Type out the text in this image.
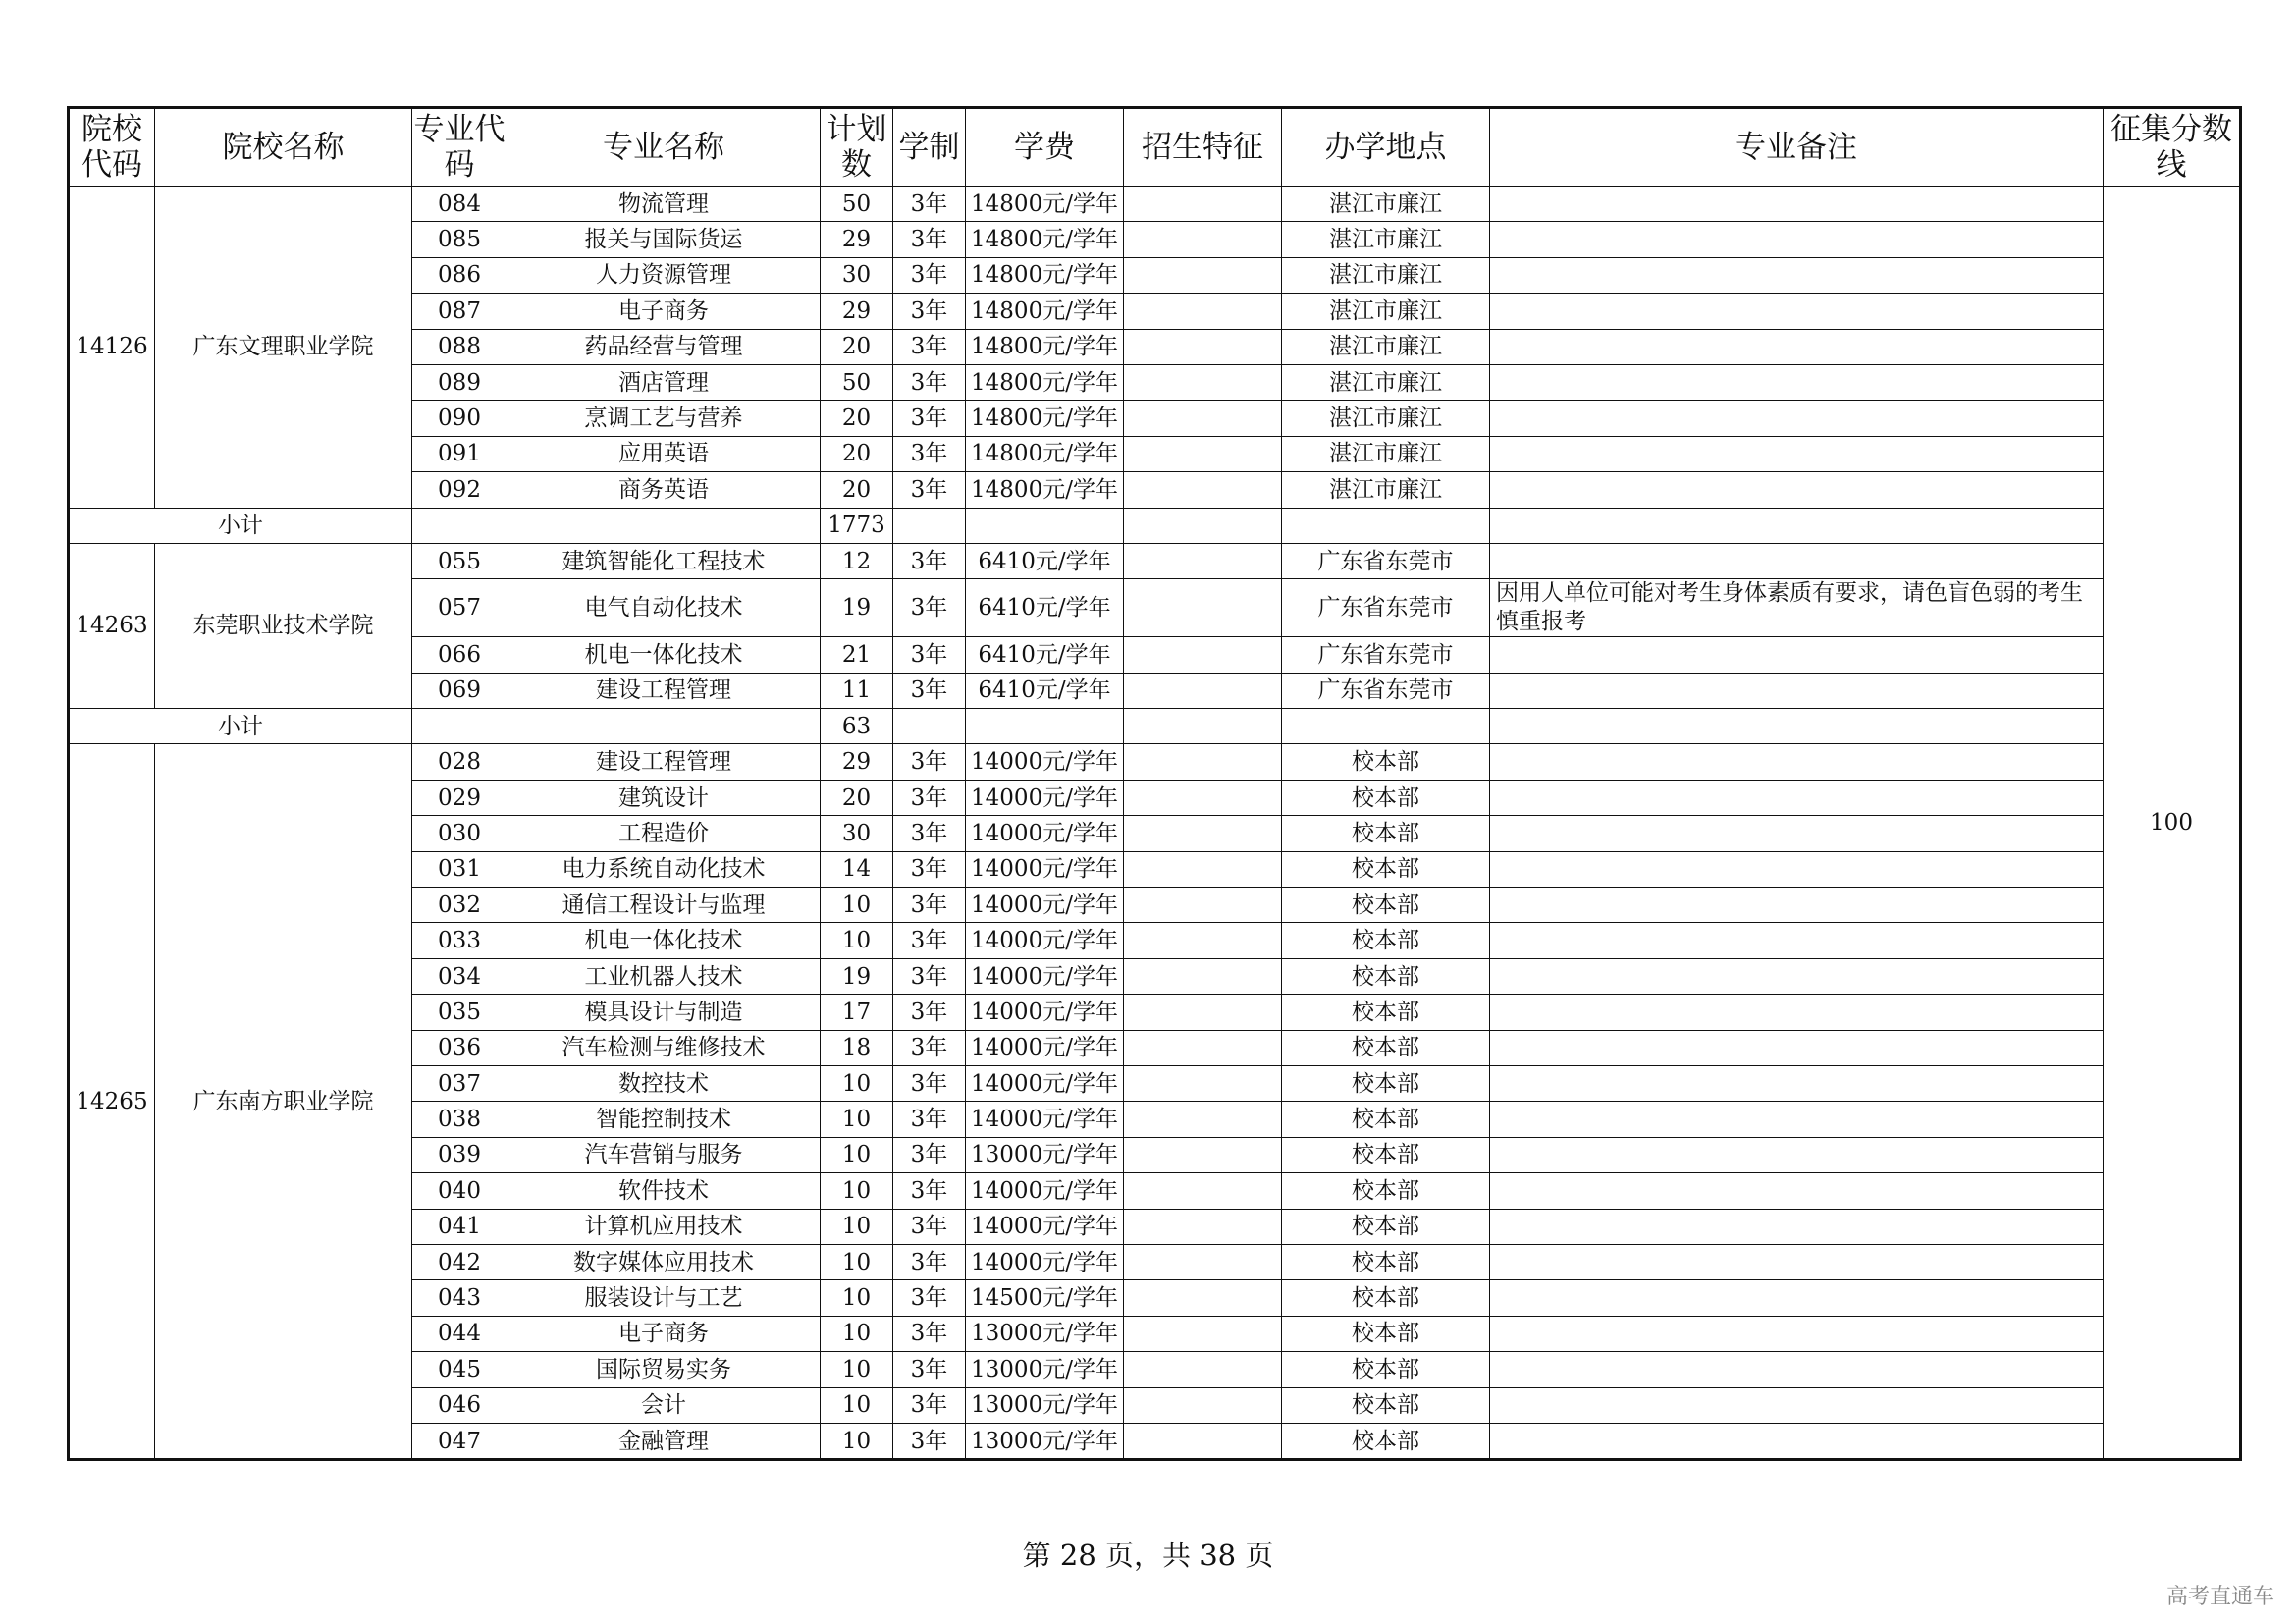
院校代码	院校名称	专业代码	专业名称	计划数	学制	学费	招生特征	办学地点	专业备注	征集分数线
14126	广东文理职业学院	084	物流管理	50	3年	14800元/学年		湛江市廉江		100
		085	报关与国际货运	29	3年	14800元/学年		湛江市廉江		
		086	人力资源管理	30	3年	14800元/学年		湛江市廉江		
		087	电子商务	29	3年	14800元/学年		湛江市廉江		
		088	药品经营与管理	20	3年	14800元/学年		湛江市廉江		
		089	酒店管理	50	3年	14800元/学年		湛江市廉江		
		090	烹调工艺与营养	20	3年	14800元/学年		湛江市廉江		
		091	应用英语	20	3年	14800元/学年		湛江市廉江		
		092	商务英语	20	3年	14800元/学年		湛江市廉江		
小计				1773						
14263	东莞职业技术学院	055	建筑智能化工程技术	12	3年	6410元/学年		广东省东莞市		
		057	电气自动化技术	19	3年	6410元/学年		广东省东莞市	因用人单位可能对考生身体素质有要求，请色盲色弱的考生慎重报考	
		066	机电一体化技术	21	3年	6410元/学年		广东省东莞市		
		069	建设工程管理	11	3年	6410元/学年		广东省东莞市		
小计				63						
14265	广东南方职业学院	028	建设工程管理	29	3年	14000元/学年		校本部		
		029	建筑设计	20	3年	14000元/学年		校本部		
		030	工程造价	30	3年	14000元/学年		校本部		
		031	电力系统自动化技术	14	3年	14000元/学年		校本部		
		032	通信工程设计与监理	10	3年	14000元/学年		校本部		
		033	机电一体化技术	10	3年	14000元/学年		校本部		
		034	工业机器人技术	19	3年	14000元/学年		校本部		
		035	模具设计与制造	17	3年	14000元/学年		校本部		
		036	汽车检测与维修技术	18	3年	14000元/学年		校本部		
		037	数控技术	10	3年	14000元/学年		校本部		
		038	智能控制技术	10	3年	14000元/学年		校本部		
		039	汽车营销与服务	10	3年	13000元/学年		校本部		
		040	软件技术	10	3年	14000元/学年		校本部		
		041	计算机应用技术	10	3年	14000元/学年		校本部		
		042	数字媒体应用技术	10	3年	14000元/学年		校本部		
		043	服装设计与工艺	10	3年	14500元/学年		校本部		
		044	电子商务	10	3年	13000元/学年		校本部		
		045	国际贸易实务	10	3年	13000元/学年		校本部		
		046	会计	10	3年	13000元/学年		校本部		
		047	金融管理	10	3年	13000元/学年		校本部		
第 28 页，共 38 页
高考直通车
